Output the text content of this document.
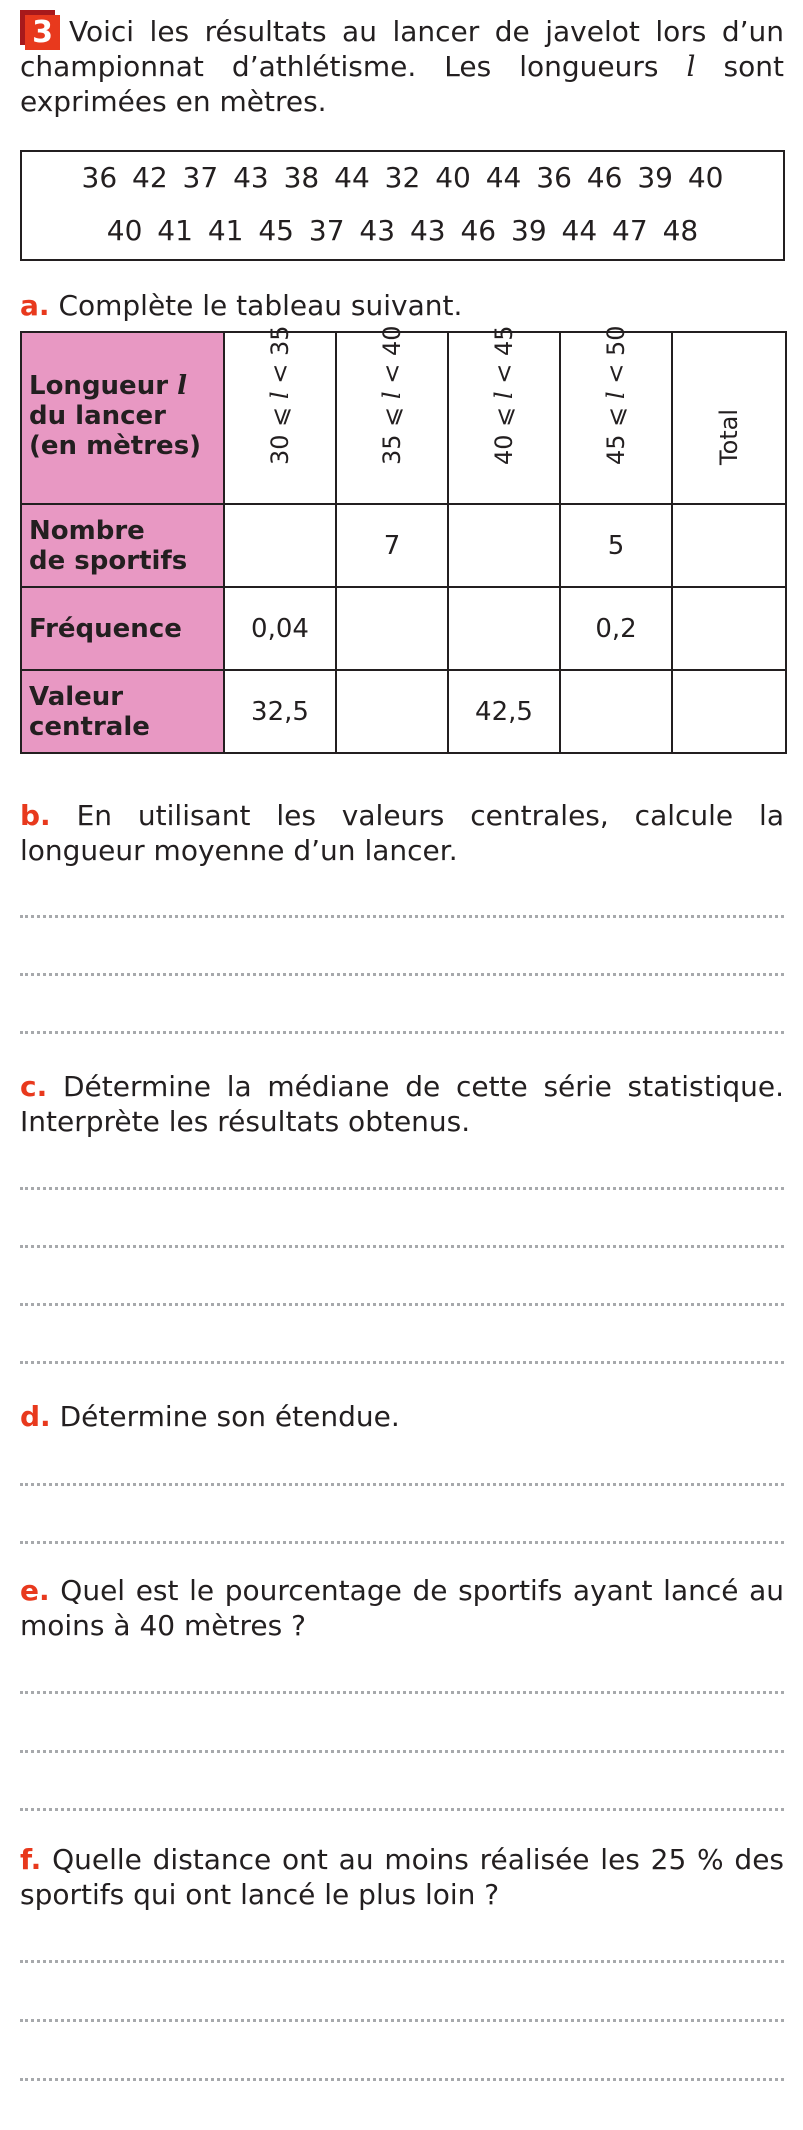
3 Voici les résultats au lancer de javelot lors d’un championnat d’athlétisme. Les longueurs l sont exprimées en mètres.
36 42 37 43 38 44 32 40 44 36 46 39 40
40 41 41 45 37 43 43 46 39 44 47 48
a. Complète le tableau suivant.
Longueur l
du lancer
(en mètres)	30 ⩽ l < 35	35 ⩽ l < 40	40 ⩽ l < 45	45 ⩽ l < 50	Total

Nombre
de sportifs		7		5	
Fréquence	0,04			0,2	
Valeur
centrale	32,5		42,5		
b. En utilisant les valeurs centrales, calcule la longueur moyenne d’un lancer.
c. Détermine la médiane de cette série statistique. Interprète les résultats obtenus.
d. Détermine son étendue.
e. Quel est le pourcentage de sportifs ayant lancé au moins à 40 mètres ?
f. Quelle distance ont au moins réalisée les 25 % des sportifs qui ont lancé le plus loin ?
